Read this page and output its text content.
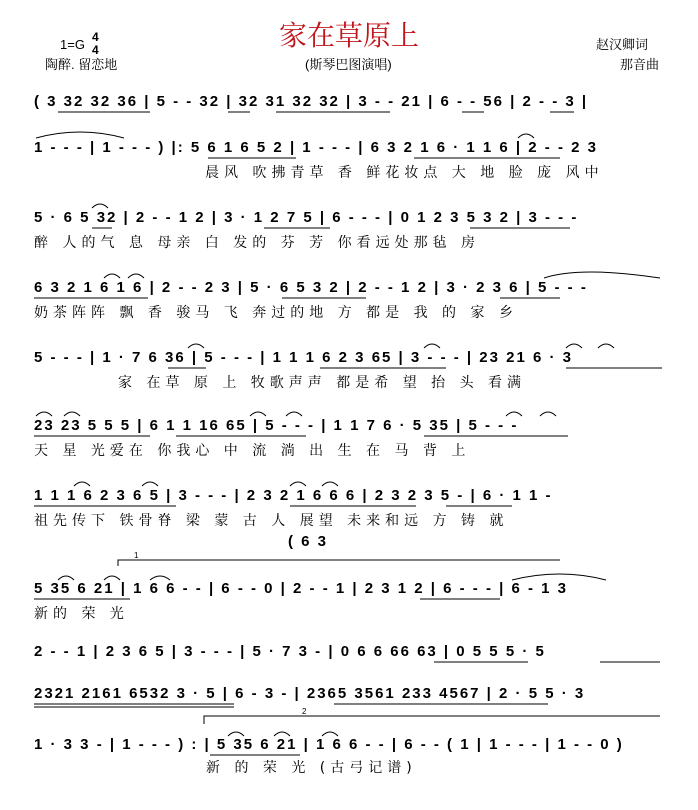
家在草原上
1=G 4
4
陶醉. 留恋地	(斯琴巴图演唱)
赵汉卿词
那音曲
( 3 32 32 36 | 5 - - 32 | 32 31 32 32 | 3 - - 21 | 6 - - 56 | 2 - - 3 |
1 - - - | 1 - - - ) |: 5 6 1 6 5 2 | 1 - - - | 6 3 2 1 6 · 1 1 6 | 2 - - 2 3
晨风 吹拂青草 香 鲜花妆点 大 地 脸 庞 风中
5 · 6 5 32 | 2 - - 1 2 | 3 · 1 2 7 5 | 6 - - - | 0 1 2 3 5 3 2 | 3 - - -
醉 人的气 息 母亲 白 发的 芬 芳 你看远处那毡 房
6 3 2 1 6 1 6 | 2 - - 2 3 | 5 · 6 5 3 2 | 2 - - 1 2 | 3 · 2 3 6 | 5 - - -
奶茶阵阵 飘 香 骏马 飞 奔过的地 方 都是 我 的 家 乡
5 - - - | 1 · 7 6 36 | 5 - - - | 1 1 1 6 2 3 65 | 3 - - - | 23 21 6 · 3
家 在草 原 上 牧歌声声 都是希 望 抬 头 看满
23 23 5 5 5 | 6 1 1 16 65 | 5 - - - | 1 1 7 6 · 5 35 | 5 - - -
天 星 光爱在 你我心 中 流 淌 出 生 在 马 背 上
1 1 1 6 2 3 6 5 | 3 - - - | 2 3 2 1 6 6 6 | 2 3 2 3 5 - | 6 · 1 1 -
祖先传下 铁骨脊 梁 蒙 古 人 展望 未来和远 方 铸 就
( 6 3
5 35 6 21 | 1 6 6 - - | 6 - - 0 | 2 - - 1 | 2 3 1 2 | 6 - - - | 6 - 1 3
新的 荣 光
2 - - 1 | 2 3 6 5 | 3 - - - | 5 · 7 3 - | 0 6 6 66 63 | 0 5 5 5 · 5
2321 2161 6532 3 · 5 | 6 - 3 - | 2365 3561 233 4567 | 2 · 5 5 · 3
1 · 3 3 - | 1 - - - ) : | 5 35 6 21 | 1 6 6 - - | 6 - - ( 1 | 1 - - - | 1 - - 0 )
新 的 荣 光 (古弓记谱)
1
2
